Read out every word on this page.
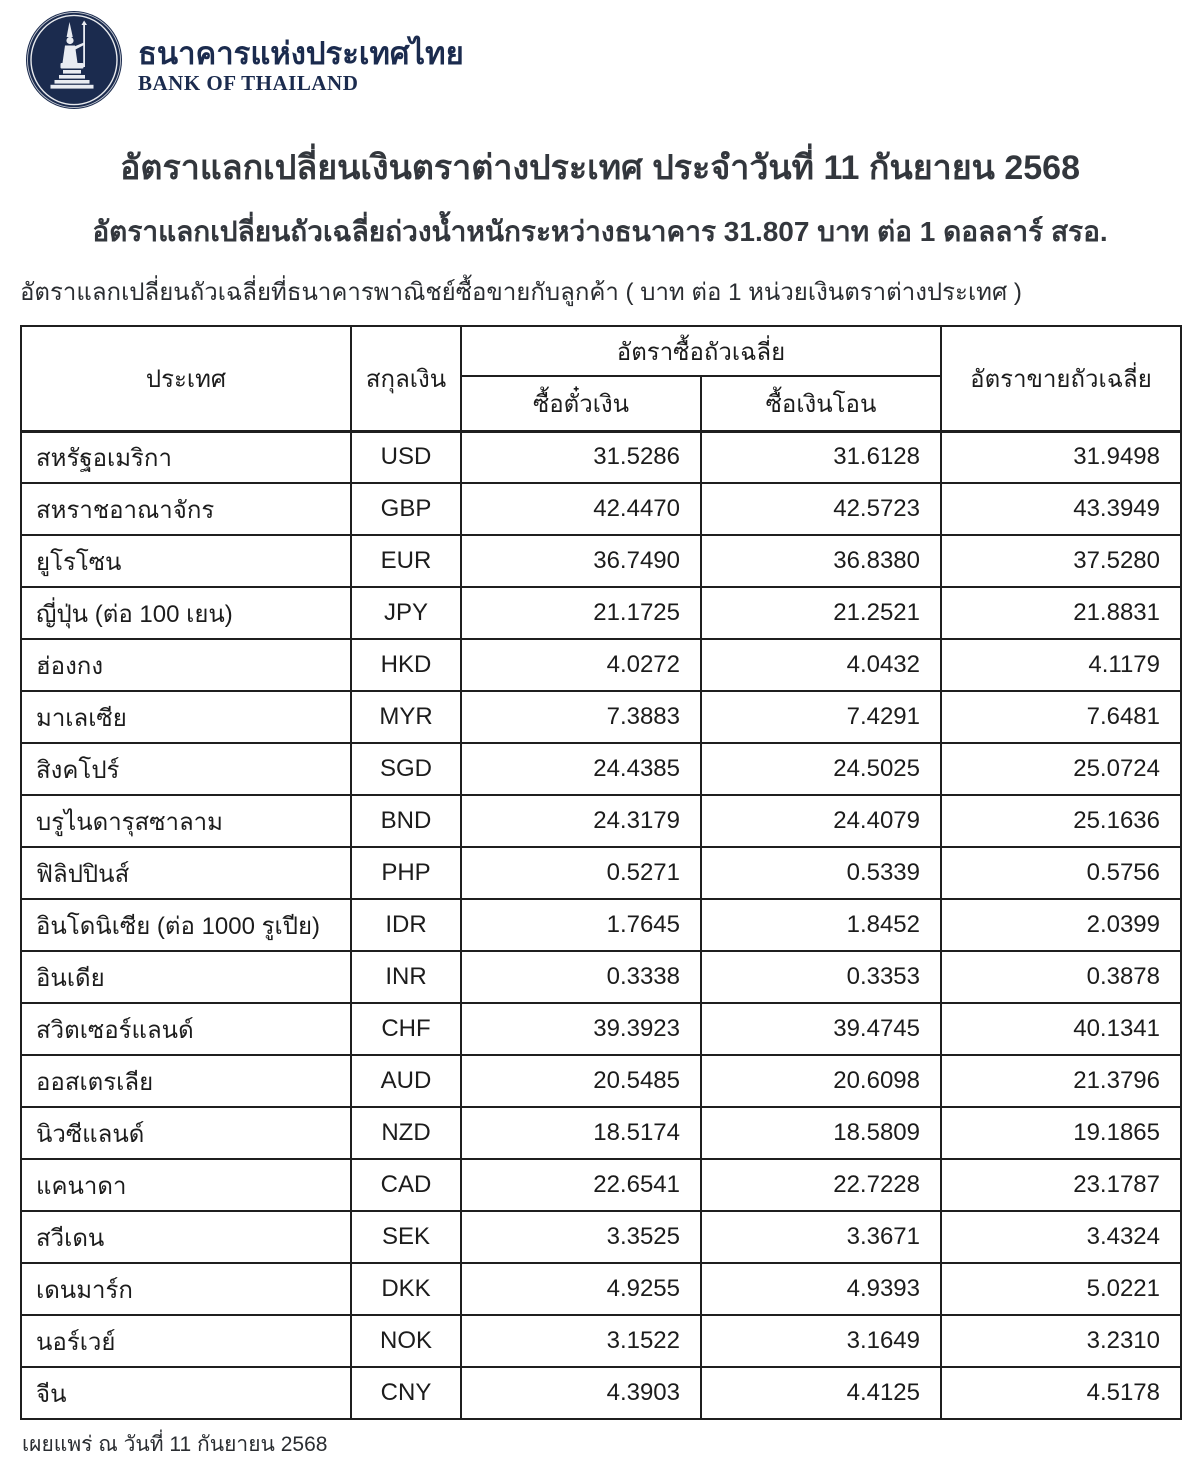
ธนาคารแห่งประเทศไทย
BANK OF THAILAND
อัตราแลกเปลี่ยนเงินตราต่างประเทศ ประจำวันที่ 11 กันยายน 2568
อัตราแลกเปลี่ยนถัวเฉลี่ยถ่วงน้ำหนักระหว่างธนาคาร 31.807 บาท ต่อ 1 ดอลลาร์ สรอ.
อัตราแลกเปลี่ยนถัวเฉลี่ยที่ธนาคารพาณิชย์ซื้อขายกับลูกค้า ( บาท ต่อ 1 หน่วยเงินตราต่างประเทศ )
ประเทศ	สกุลเงิน	อัตราซื้อถัวเฉลี่ย		อัตราขายถัวเฉลี่ย
		ซื้อตั๋วเงิน	ซื้อเงินโอน	
สหรัฐอเมริกา	USD	31.5286	31.6128	31.9498
สหราชอาณาจักร	GBP	42.4470	42.5723	43.3949
ยูโรโซน	EUR	36.7490	36.8380	37.5280
ญี่ปุ่น (ต่อ 100 เยน)	JPY	21.1725	21.2521	21.8831
ฮ่องกง	HKD	4.0272	4.0432	4.1179
มาเลเซีย	MYR	7.3883	7.4291	7.6481
สิงคโปร์	SGD	24.4385	24.5025	25.0724
บรูไนดารุสซาลาม	BND	24.3179	24.4079	25.1636
ฟิลิปปินส์	PHP	0.5271	0.5339	0.5756
อินโดนิเซีย (ต่อ 1000 รูเปีย)	IDR	1.7645	1.8452	2.0399
อินเดีย	INR	0.3338	0.3353	0.3878
สวิตเซอร์แลนด์	CHF	39.3923	39.4745	40.1341
ออสเตรเลีย	AUD	20.5485	20.6098	21.3796
นิวซีแลนด์	NZD	18.5174	18.5809	19.1865
แคนาดา	CAD	22.6541	22.7228	23.1787
สวีเดน	SEK	3.3525	3.3671	3.4324
เดนมาร์ก	DKK	4.9255	4.9393	5.0221
นอร์เวย์	NOK	3.1522	3.1649	3.2310
จีน	CNY	4.3903	4.4125	4.5178
เผยแพร่ ณ วันที่ 11 กันยายน 2568
